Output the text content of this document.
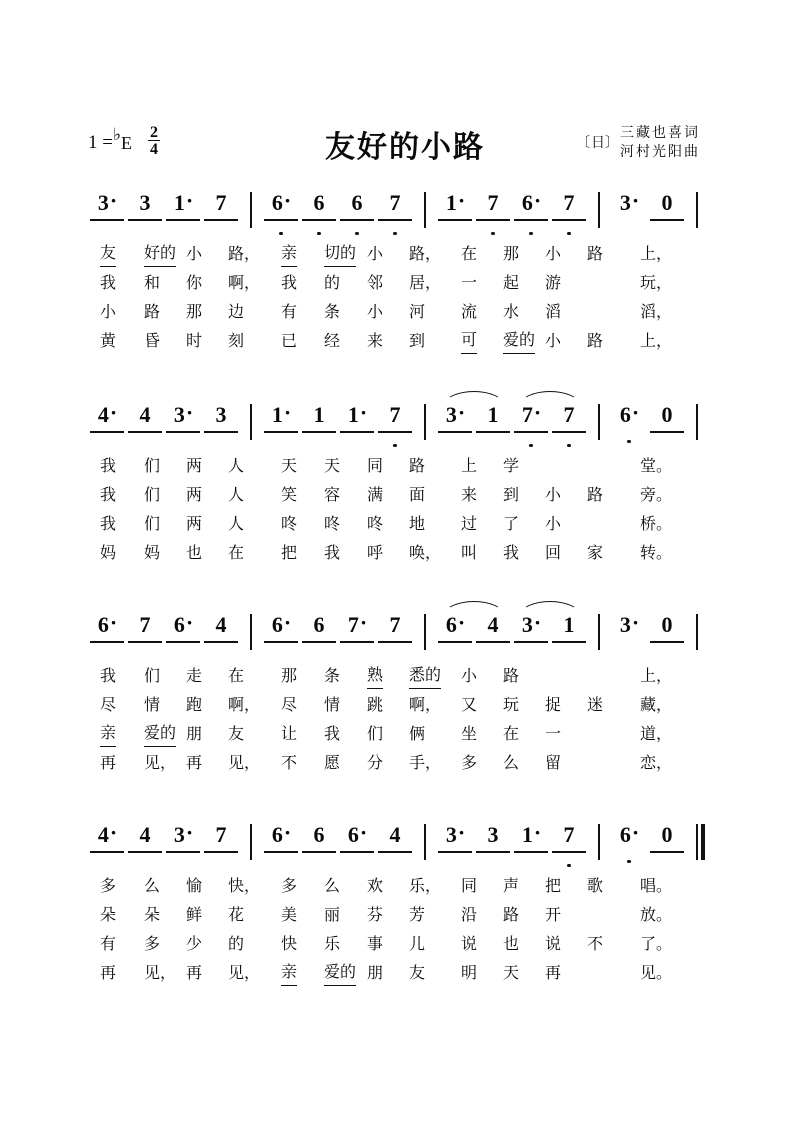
1 = ♭ E $\frac{2}{4}$	友好的小路	〔 日 〕
三藏也喜词
河村光阳曲
3·	3	1·	7	6·	6	6	7	1·	7	6·	7	3·	0
友 好的 小 路， 亲 切的 小 路， 在 那 小 路 上，
我 和 你 啊， 我 的 邻 居， 一 起 游	玩，
小 路 那 边 有 条 小 河 流 水 滔	滔，
黄 昏 时 刻 已 经 来 到 可 爱的 小 路 上，
4·	4	3·	3	1·	1	1·	7	3·	1	7·	7	6·	0
我 们 两 人 天 天 同 路 上 学	堂。
我 们 两 人 笑 容 满 面 来 到 小 路 旁。
我 们 两 人 咚 咚 咚 地 过 了 小	桥。
妈 妈 也 在 把 我 呼 唤， 叫 我 回 家 转。
6·	7	6·	4	6·	6	7·	7	6·	4	3·	1	3·	0
我 们 走 在 那 条 熟 悉的 小 路	上，
尽 情 跑 啊， 尽 情 跳 啊， 又 玩 捉 迷 藏，
亲 爱的 朋 友 让 我 们 俩 坐 在 一	道，
再 见， 再 见， 不 愿 分 手， 多 么 留	恋，
4·	4	3·	7	6·	6	6·	4	3·	3	1·	7	6·	0
多 么 愉 快， 多 么 欢 乐， 同 声 把 歌 唱。
朵 朵 鲜 花 美 丽 芬 芳 沿 路 开	放。
有 多 少 的 快 乐 事 儿 说 也 说 不 了。
再 见， 再 见， 亲 爱的 朋 友 明 天 再	见。
